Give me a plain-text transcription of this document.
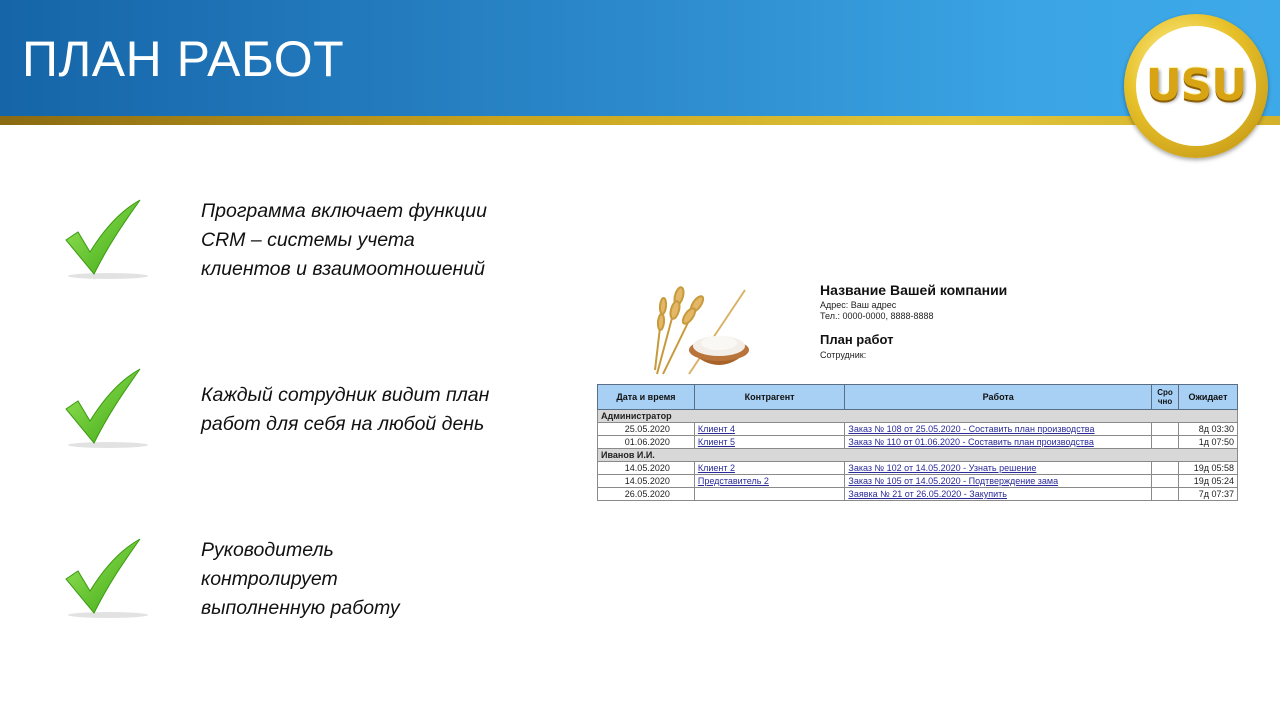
ПЛАН РАБОТ	USU
Программа включает функции
CRM – системы учета
клиентов и взаимоотношений
Каждый сотрудник видит план
работ для себя на любой день
Руководитель
контролирует
выполненную работу
Название Вашей компании
Адрес: Ваш адрес
Тел.: 0000-0000, 8888-8888
План работ
Сотрудник:
Дата и время	Контрагент	Работа	Сро чно	Ожидает
Администратор				
25.05.2020	Клиент 4	Заказ № 108 от 25.05.2020 - Составить план производства		8д 03:30
01.06.2020	Клиент 5	Заказ № 110 от 01.06.2020 - Составить план производства		1д 07:50
Иванов И.И.				
14.05.2020	Клиент 2	Заказ № 102 от 14.05.2020 - Узнать решение		19д 05:58
14.05.2020	Представитель 2	Заказ № 105 от 14.05.2020 - Подтверждение зама		19д 05:24
26.05.2020		Заявка № 21 от 26.05.2020 - Закупить		7д 07:37
